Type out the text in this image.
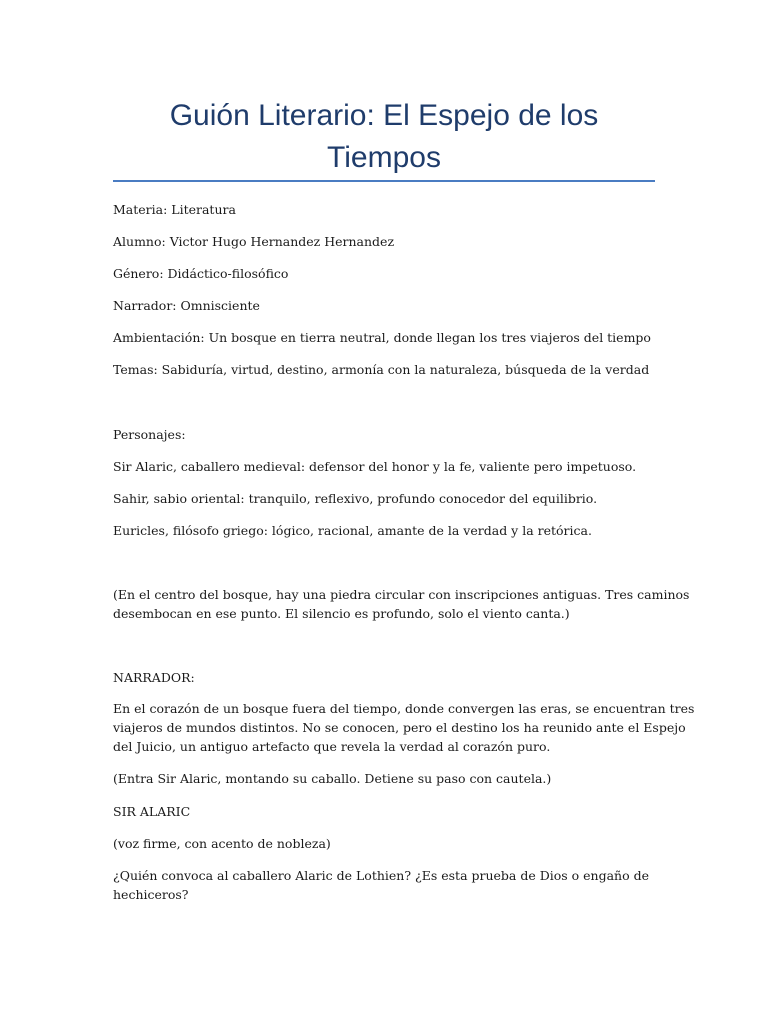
Guión Literario: El Espejo de los
Tiempos

Materia: Literatura

Alumno: Victor Hugo Hernandez Hernandez

Género: Didáctico-filosófico

Narrador: Omnisciente

Ambientación: Un bosque en tierra neutral, donde llegan los tres viajeros del tiempo

Temas: Sabiduría, virtud, destino, armonía con la naturaleza, búsqueda de la verdad

Personajes:

Sir Alaric, caballero medieval: defensor del honor y la fe, valiente pero impetuoso.

Sahir, sabio oriental: tranquilo, reflexivo, profundo conocedor del equilibrio.

Euricles, filósofo griego: lógico, racional, amante de la verdad y la retórica.

(En el centro del bosque, hay una piedra circular con inscripciones antiguas. Tres caminos

desembocan en ese punto. El silencio es profundo, solo el viento canta.)

NARRADOR:

En el corazón de un bosque fuera del tiempo, donde convergen las eras, se encuentran tres

viajeros de mundos distintos. No se conocen, pero el destino los ha reunido ante el Espejo

del Juicio, un antiguo artefacto que revela la verdad al corazón puro.

(Entra Sir Alaric, montando su caballo. Detiene su paso con cautela.)

SIR ALARIC

(voz firme, con acento de nobleza)

¿Quién convoca al caballero Alaric de Lothien? ¿Es esta prueba de Dios o engaño de

hechiceros?
